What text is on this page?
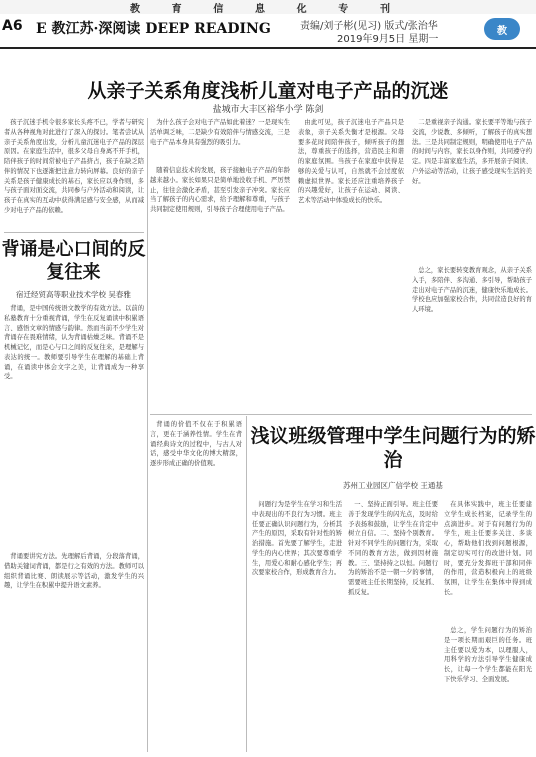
教	育	信	息	化	专	刊
A6 E 教江苏·深阅读 DEEP READING	责编/刘子彬(见习) 版式/张治华
2019年9月5日 星期一
教
从亲子关系角度浅析儿童对电子产品的沉迷
盐城市大丰区裕华小学 陈剑
孩子沉迷手机令很多家长头疼不已，学者与研究者从各种视角对此进行了深入的探讨。笔者尝试从亲子关系角度出发，分析儿童沉迷电子产品的深层原因。在家庭生活中，很多父母自身离不开手机，陪伴孩子的时间常被电子产品挤占，孩子在缺乏陪伴的情况下也逐渐把注意力转向屏幕。良好的亲子关系是孩子健康成长的基石，家长应以身作则，多与孩子面对面交流，共同参与户外活动和阅读，让孩子在真实的互动中获得满足感与安全感，从而减少对电子产品的依赖。
为什么孩子会对电子产品如此着迷？一是现实生活单调乏味，二是缺少有效陪伴与情感交流，三是电子产品本身具有强烈的吸引力。
随着信息技术的发展，孩子接触电子产品的年龄越来越小。家长如果只是简单地没收手机、严厉禁止，往往会激化矛盾，甚至引发亲子冲突。家长应当了解孩子的内心需求，给予理解和尊重，与孩子共同制定使用规则，引导孩子合理使用电子产品。
由此可见，孩子沉迷电子产品只是表象，亲子关系失衡才是根源。父母要多花时间陪伴孩子，倾听孩子的想法，尊重孩子的选择，营造民主和谐的家庭氛围。当孩子在家庭中获得足够的关爱与认可，自然就不会过度依赖虚拟世界。家长还应注重培养孩子的兴趣爱好，让孩子在运动、阅读、艺术等活动中体验成长的快乐。
二是重视亲子沟通。家长要平等地与孩子交流，少说教、多倾听，了解孩子的真实想法。三是共同制定规则，明确使用电子产品的时间与内容，家长以身作则，共同遵守约定。四是丰富家庭生活，多开展亲子阅读、户外运动等活动，让孩子感受现实生活的美好。
总之，家长要转变教育观念，从亲子关系入手，多陪伴、多沟通、多引导，帮助孩子走出对电子产品的沉迷，健康快乐地成长。学校也应加强家校合作，共同营造良好的育人环境。
背诵是心口间的反复往来
宿迁经贸高等职业技术学校 吴春雅
背诵，是中国传统语文教学的有效方法。以前的私塾教育十分重视背诵，学生在反复诵读中积累语言、感悟文章的情感与韵律。然而当前不少学生对背诵存在畏难情绪，认为背诵枯燥乏味。背诵不是机械记忆，而是心与口之间的反复往来，是理解与表达的统一。教师要引导学生在理解的基础上背诵，在诵读中体会文字之美，让背诵成为一种享受。
背诵要讲究方法。先理解后背诵，分段落背诵，借助关键词背诵，都是行之有效的方法。教师可以组织背诵比赛、朗读展示等活动，激发学生的兴趣，让学生在积累中提升语文素养。
背诵的价值不仅在于积累语言，更在于涵养性情。学生在背诵经典诗文的过程中，与古人对话，感受中华文化的博大精深，逐步形成正确的价值观。
浅议班级管理中学生问题行为的矫治
苏州工业园区广信学校 王通基
问题行为是学生在学习和生活中表现出的不良行为习惯。班主任要正确认识问题行为，分析其产生的原因，采取有针对性的矫治措施。首先要了解学生，走进学生的内心世界；其次要尊重学生，用爱心和耐心感化学生；再次要家校合作，形成教育合力。
一、坚持正面引导。班主任要善于发现学生的闪光点，及时给予表扬和鼓励，让学生在肯定中树立自信。二、坚持个别教育。针对不同学生的问题行为，采取不同的教育方法，做到因材施教。三、坚持持之以恒。问题行为的矫治不是一朝一夕的事情，需要班主任长期坚持，反复抓、抓反复。
在具体实践中，班主任要建立学生成长档案，记录学生的点滴进步。对于有问题行为的学生，班主任要多关注、多谈心，帮助他们找到问题根源，制定切实可行的改进计划。同时，要充分发挥班干部和同伴的作用，营造积极向上的班级氛围，让学生在集体中得到成长。
总之，学生问题行为的矫治是一项长期而艰巨的任务。班主任要以爱为本，以理服人，用科学的方法引导学生健康成长，让每一个学生都能在阳光下快乐学习、全面发展。
